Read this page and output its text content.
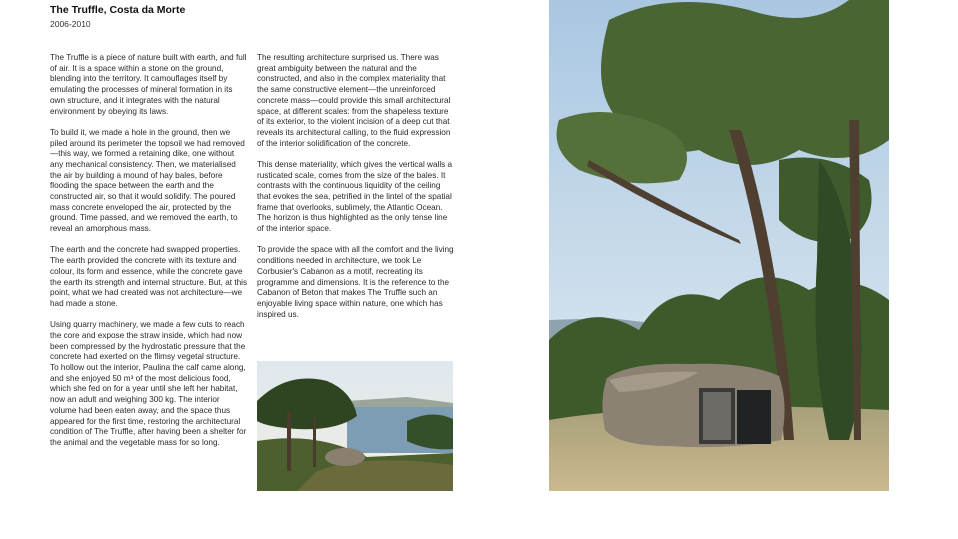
The Truffle, Costa da Morte
2006-2010

The Truffle is a piece of nature built with earth, and full of air. It is a space within a stone on the ground, blending into the territory. It camouflages itself by emulating the processes of mineral formation in its own structure, and it integrates with the natural environment by obeying its laws.

To build it, we made a hole in the ground, then we piled around its perimeter the topsoil we had removed—this way, we formed a retaining dike, one without any mechanical consistency. Then, we materialised the air by building a mound of hay bales, before flooding the space between the earth and the constructed air, so that it would solidify. The poured mass concrete enveloped the air, protected by the ground. Time passed, and we removed the earth, to reveal an amorphous mass.

The earth and the concrete had swapped properties. The earth provided the concrete with its texture and colour, its form and essence, while the concrete gave the earth its strength and internal structure. But, at this point, what we had created was not architecture—we had made a stone.

Using quarry machinery, we made a few cuts to reach the core and expose the straw inside, which had now been compressed by the hydrostatic pressure that the concrete had exerted on the flimsy vegetal structure. To hollow out the interior, Paulina the calf came along, and she enjoyed 50 m³ of the most delicious food, which she fed on for a year until she left her habitat, now an adult and weighing 300 kg. The interior volume had been eaten away, and the space thus appeared for the first time, restoring the architectural condition of The Truffle, after having been a shelter for the animal and the vegetable mass for so long.

The resulting architecture surprised us. There was great ambiguity between the natural and the constructed, and also in the complex materiality that the same constructive element—the unreinforced concrete mass—could provide this small architectural space, at different scales: from the shapeless texture of its exterior, to the violent incision of a deep cut that reveals its architectural calling, to the fluid expression of the interior solidification of the concrete.

This dense materiality, which gives the vertical walls a rusticated scale, comes from the size of the bales. It contrasts with the continuous liquidity of the ceiling that evokes the sea, petrified in the lintel of the spatial frame that overlooks, sublimely, the Atlantic Ocean. The horizon is thus highlighted as the only tense line of the interior space.

To provide the space with all the comfort and the living conditions needed in architecture, we took Le Corbusier's Cabanon as a motif, recreating its programme and dimensions. It is the reference to the Cabanon of Beton that makes The Truffle such an enjoyable living space within nature, one which has inspired us.
